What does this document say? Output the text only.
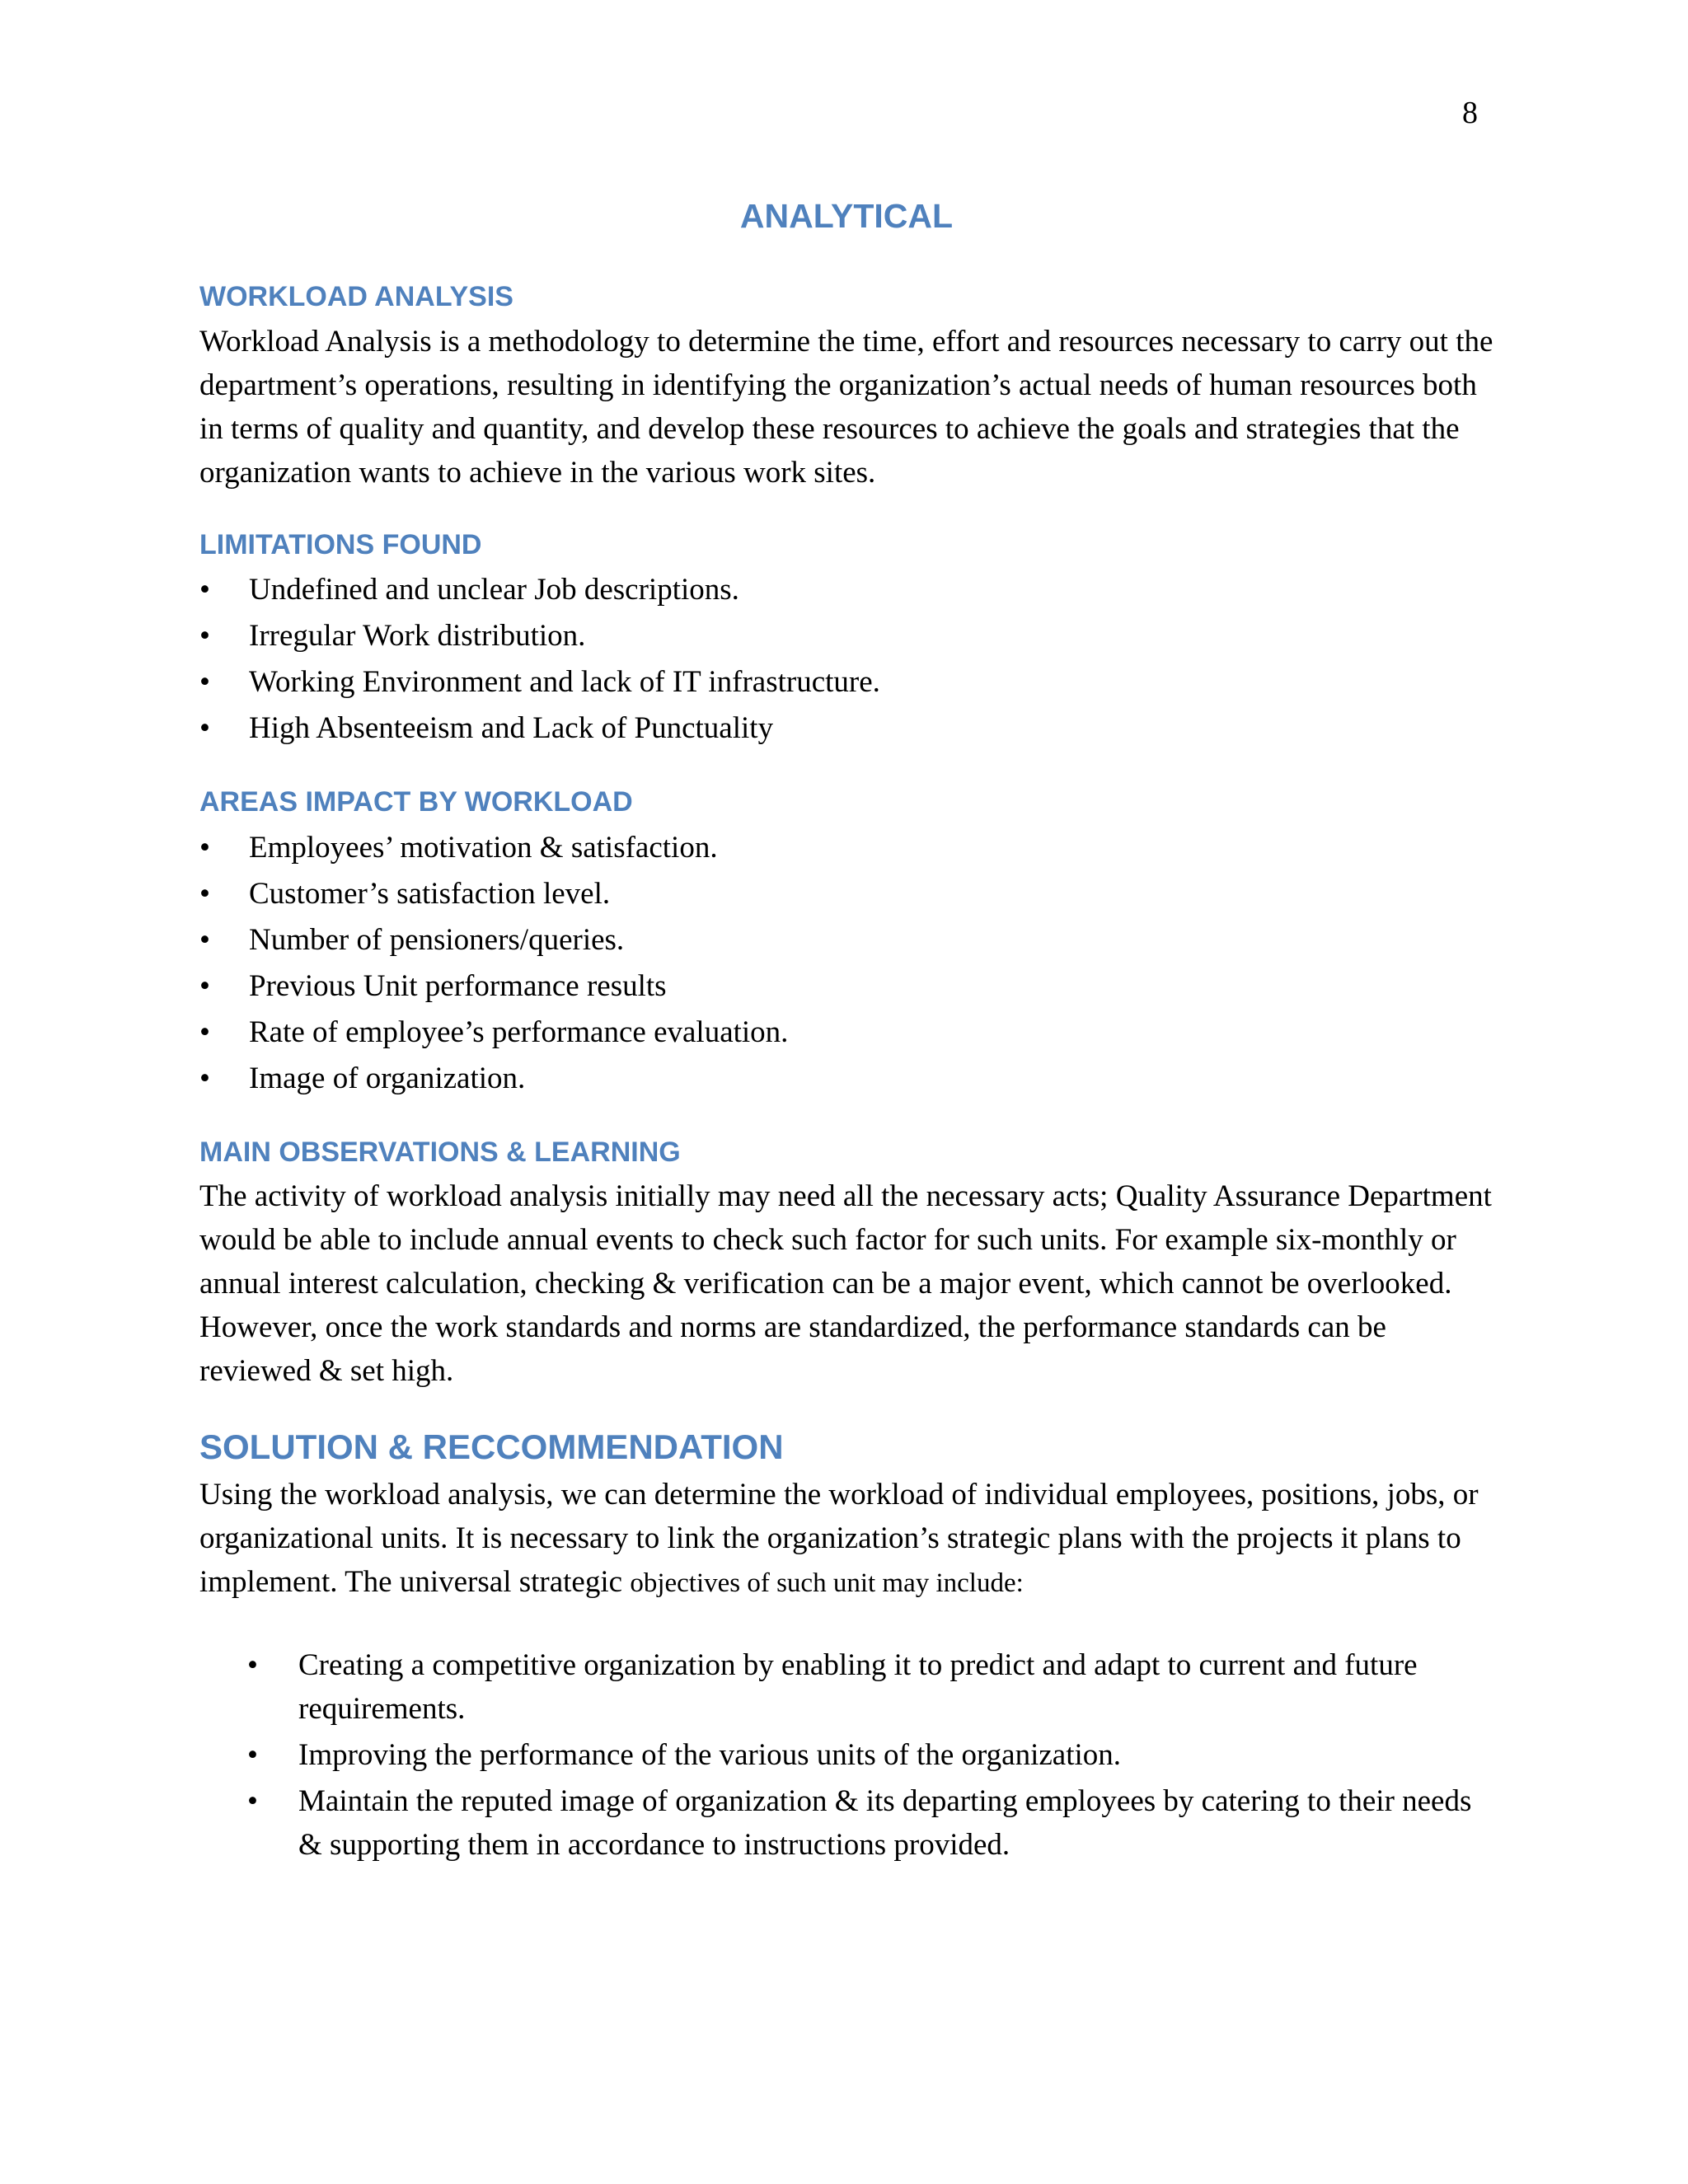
8
ANALYTICAL
WORKLOAD ANALYSIS

Workload Analysis is a methodology to determine the time, effort and resources necessary to carry out the department’s operations, resulting in identifying the organization’s actual needs of human resources both in terms of quality and quantity, and develop these resources to achieve the goals and strategies that the organization wants to achieve in the various work sites.

LIMITATIONS FOUND
•	Undefined and unclear Job descriptions.
•	Irregular Work distribution.
•	Working Environment and lack of IT infrastructure.
•	High Absenteeism and Lack of Punctuality
AREAS IMPACT BY WORKLOAD
•	Employees’ motivation & satisfaction.
•	Customer’s satisfaction level.
•	Number of pensioners/queries.
•	Previous Unit performance results
•	Rate of employee’s performance evaluation.
•	Image of organization.
MAIN OBSERVATIONS & LEARNING

The activity of workload analysis initially may need all the necessary acts; Quality Assurance Department would be able to include annual events to check such factor for such units. For example six-monthly or annual interest calculation, checking & verification can be a major event, which cannot be overlooked. However, once the work standards and norms are standardized, the performance standards can be reviewed & set high.

SOLUTION & RECCOMMENDATION

Using the workload analysis, we can determine the workload of individual employees, positions, jobs, or organizational units. It is necessary to link the organization’s strategic plans with the projects it plans to implement. The universal strategic objectives of such unit may include:

•	Creating a competitive organization by enabling it to predict and adapt to current and future requirements.
•	Improving the performance of the various units of the organization.
•	Maintain the reputed image of organization & its departing employees by catering to their needs & supporting them in accordance to instructions provided.
